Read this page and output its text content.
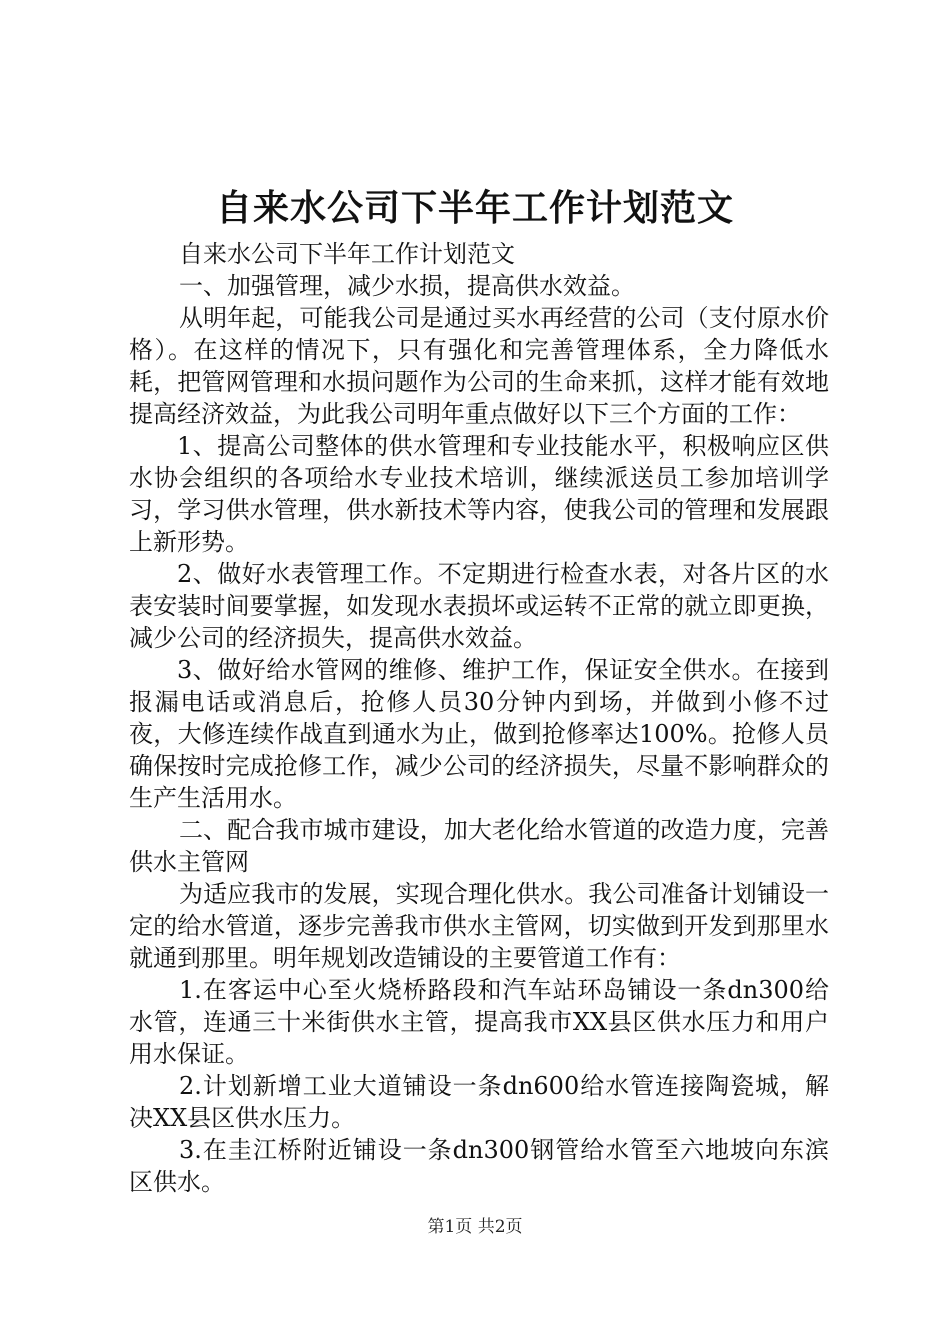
自来水公司下半年工作计划范文

自来水公司下半年工作计划范文

一、加强管理，减少水损，提高供水效益。

从明年起，可能我公司是通过买水再经营的公司（支付原水价格）。在这样的情况下，只有强化和完善管理体系，全力降低水耗，把管网管理和水损问题作为公司的生命来抓，这样才能有效地提高经济效益，为此我公司明年重点做好以下三个方面的工作：

1、提高公司整体的供水管理和专业技能水平，积极响应区供水协会组织的各项给水专业技术培训，继续派送员工参加培训学习，学习供水管理，供水新技术等内容，使我公司的管理和发展跟上新形势。

2、做好水表管理工作。不定期进行检查水表，对各片区的水表安装时间要掌握，如发现水表损坏或运转不正常的就立即更换，减少公司的经济损失，提高供水效益。

3、做好给水管网的维修、维护工作，保证安全供水。在接到报漏电话或消息后，抢修人员30分钟内到场，并做到小修不过夜，大修连续作战直到通水为止，做到抢修率达100%。抢修人员确保按时完成抢修工作，减少公司的经济损失，尽量不影响群众的生产生活用水。

二、配合我市城市建设，加大老化给水管道的改造力度，完善供水主管网

为适应我市的发展，实现合理化供水。我公司准备计划铺设一定的给水管道，逐步完善我市供水主管网，切实做到开发到那里水就通到那里。明年规划改造铺设的主要管道工作有：

1.在客运中心至火烧桥路段和汽车站环岛铺设一条dn300给水管，连通三十米街供水主管，提高我市XX县区供水压力和用户用水保证。

2.计划新增工业大道铺设一条dn600给水管连接陶瓷城，解决XX县区供水压力。

3.在圭江桥附近铺设一条dn300钢管给水管至六地坡向东滨区供水。

第1页 共2页
